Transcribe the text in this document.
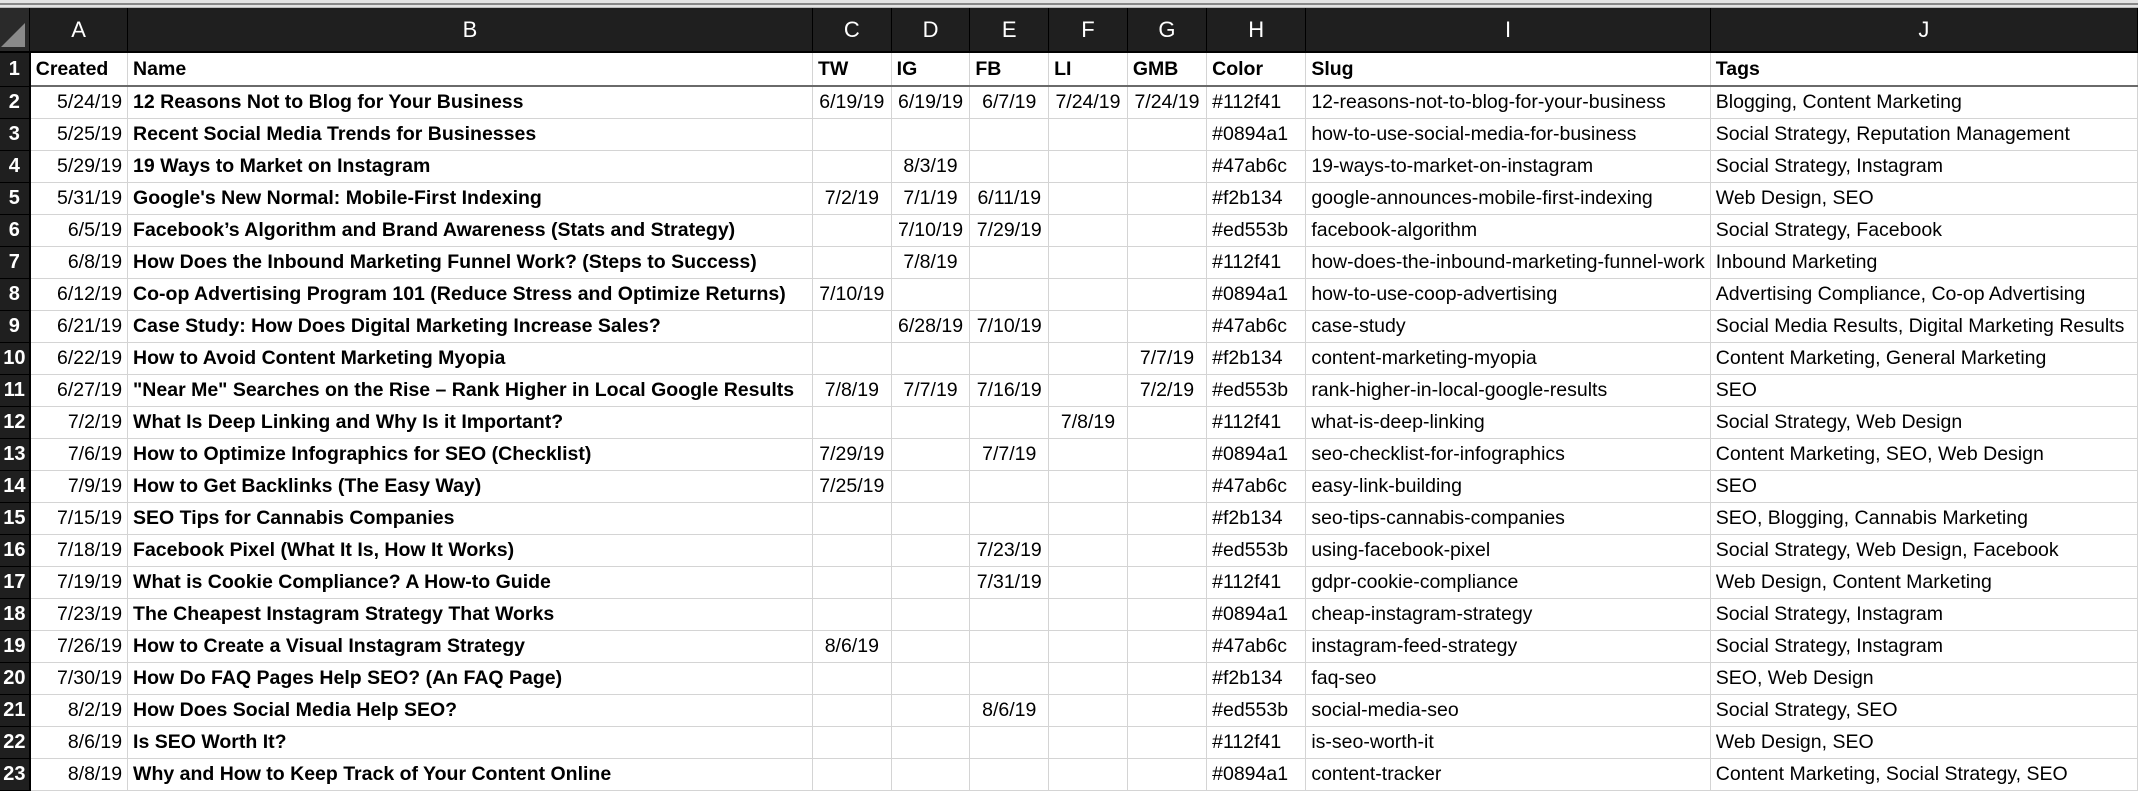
	A	B	C	D	E	F	G	H	I	J
1	Created	Name	TW	IG	FB	LI	GMB	Color	Slug	Tags
2	5/24/19	12 Reasons Not to Blog for Your Business	6/19/19	6/19/19	6/7/19	7/24/19	7/24/19	#112f41	12-reasons-not-to-blog-for-your-business	Blogging, Content Marketing
3	5/25/19	Recent Social Media Trends for Businesses						#0894a1	how-to-use-social-media-for-business	Social Strategy, Reputation Management
4	5/29/19	19 Ways to Market on Instagram		8/3/19				#47ab6c	19-ways-to-market-on-instagram	Social Strategy, Instagram
5	5/31/19	Google's New Normal: Mobile-First Indexing	7/2/19	7/1/19	6/11/19			#f2b134	google-announces-mobile-first-indexing	Web Design, SEO
6	6/5/19	Facebook’s Algorithm and Brand Awareness (Stats and Strategy)		7/10/19	7/29/19			#ed553b	facebook-algorithm	Social Strategy, Facebook
7	6/8/19	How Does the Inbound Marketing Funnel Work? (Steps to Success)		7/8/19				#112f41	how-does-the-inbound-marketing-funnel-work	Inbound Marketing
8	6/12/19	Co-op Advertising Program 101 (Reduce Stress and Optimize Returns)	7/10/19					#0894a1	how-to-use-coop-advertising	Advertising Compliance, Co-op Advertising
9	6/21/19	Case Study: How Does Digital Marketing Increase Sales?		6/28/19	7/10/19			#47ab6c	case-study	Social Media Results, Digital Marketing Results
10	6/22/19	How to Avoid Content Marketing Myopia					7/7/19	#f2b134	content-marketing-myopia	Content Marketing, General Marketing
11	6/27/19	"Near Me" Searches on the Rise – Rank Higher in Local Google Results	7/8/19	7/7/19	7/16/19		7/2/19	#ed553b	rank-higher-in-local-google-results	SEO
12	7/2/19	What Is Deep Linking and Why Is it Important?				7/8/19		#112f41	what-is-deep-linking	Social Strategy, Web Design
13	7/6/19	How to Optimize Infographics for SEO (Checklist)	7/29/19		7/7/19			#0894a1	seo-checklist-for-infographics	Content Marketing, SEO, Web Design
14	7/9/19	How to Get Backlinks (The Easy Way)	7/25/19					#47ab6c	easy-link-building	SEO
15	7/15/19	SEO Tips for Cannabis Companies						#f2b134	seo-tips-cannabis-companies	SEO, Blogging, Cannabis Marketing
16	7/18/19	Facebook Pixel (What It Is, How It Works)			7/23/19			#ed553b	using-facebook-pixel	Social Strategy, Web Design, Facebook
17	7/19/19	What is Cookie Compliance? A How-to Guide			7/31/19			#112f41	gdpr-cookie-compliance	Web Design, Content Marketing
18	7/23/19	The Cheapest Instagram Strategy That Works						#0894a1	cheap-instagram-strategy	Social Strategy, Instagram
19	7/26/19	How to Create a Visual Instagram Strategy	8/6/19					#47ab6c	instagram-feed-strategy	Social Strategy, Instagram
20	7/30/19	How Do FAQ Pages Help SEO? (An FAQ Page)						#f2b134	faq-seo	SEO, Web Design
21	8/2/19	How Does Social Media Help SEO?			8/6/19			#ed553b	social-media-seo	Social Strategy, SEO
22	8/6/19	Is SEO Worth It?						#112f41	is-seo-worth-it	Web Design, SEO
23	8/8/19	Why and How to Keep Track of Your Content Online						#0894a1	content-tracker	Content Marketing, Social Strategy, SEO
